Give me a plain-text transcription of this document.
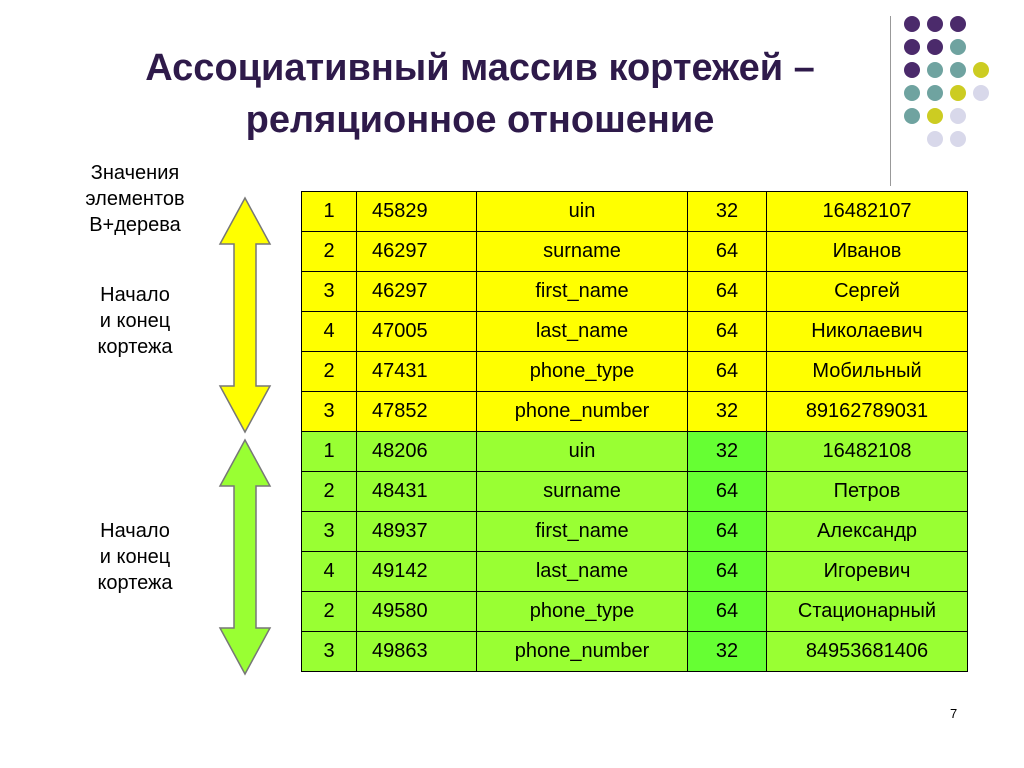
Ассоциативный массив кортежей –
реляционное отношение
Значения
элементов
B+дерева
Начало
и конец
кортежа
Начало
и конец
кортежа
1	45829	uin	32	16482107
2	46297	surname	64	Иванов
3	46297	first_name	64	Сергей
4	47005	last_name	64	Николаевич
2	47431	phone_type	64	Мобильный
3	47852	phone_number	32	89162789031
1	48206	uin	32	16482108
2	48431	surname	64	Петров
3	48937	first_name	64	Александр
4	49142	last_name	64	Игоревич
2	49580	phone_type	64	Стационарный
3	49863	phone_number	32	84953681406
7
